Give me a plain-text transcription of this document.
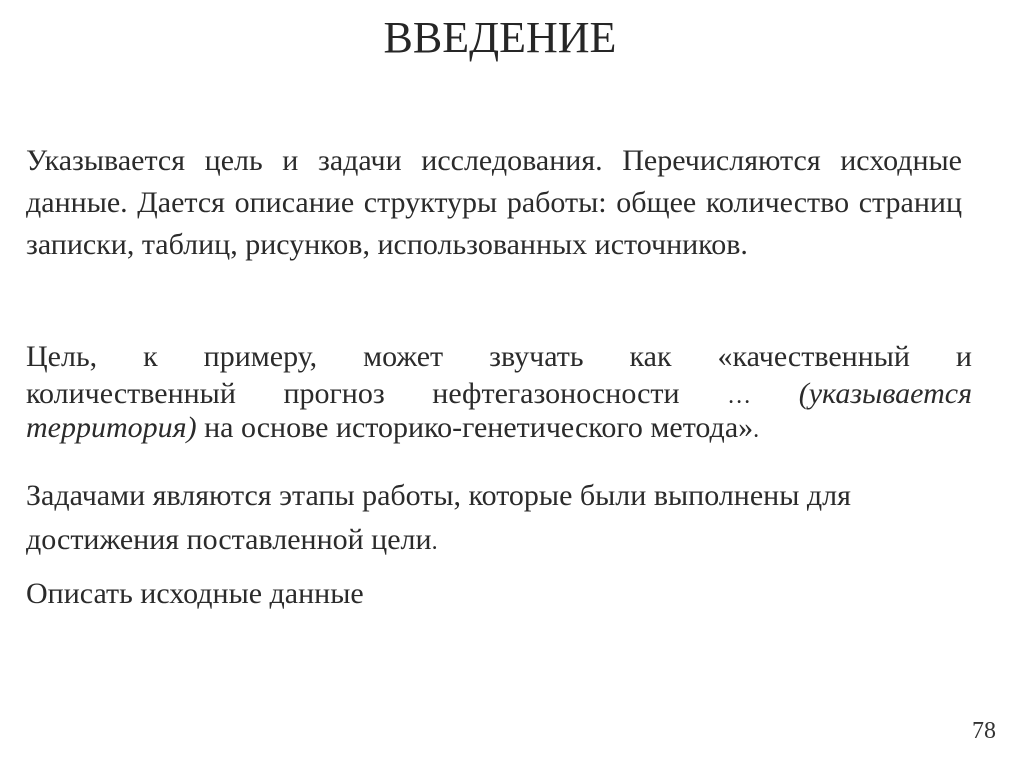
ВВЕДЕНИЕ

Указывается цель и задачи исследования. Перечисляются исходные данные. Дается описание структуры работы: общее количество страниц записки, таблиц, рисунков, использованных источников.

Цель, к примеру, может звучать как «качественный и
количественный прогноз нефтегазоносности … (указывается
территория) на основе историко-генетического метода».
Задачами являются этапы работы, которые были выполнены для
достижения поставленной цели.

Описать исходные данные

78
